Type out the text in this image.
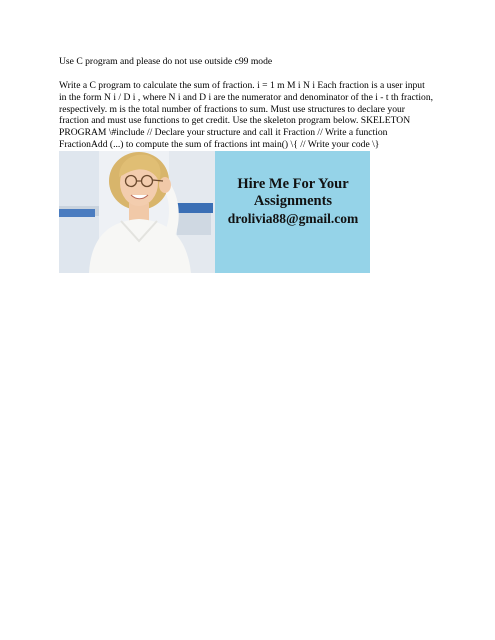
Use C program and please do not use outside c99 mode
Write a C program to calculate the sum of fraction. i = 1 m M i N i Each fraction is a user input
in the form N i / D i , where N i and D i are the numerator and denominator of the i - t th fraction,
respectively. m is the total number of fractions to sum. Must use structures to declare your
fraction and must use functions to get credit. Use the skeleton program below. SKELETON
PROGRAM \#include // Declare your structure and call it Fraction // Write a function
FractionAdd (...) to compute the sum of fractions int main() \{ // Write your code \}
Hire Me For Your
Assignments
drolivia88@gmail.com
